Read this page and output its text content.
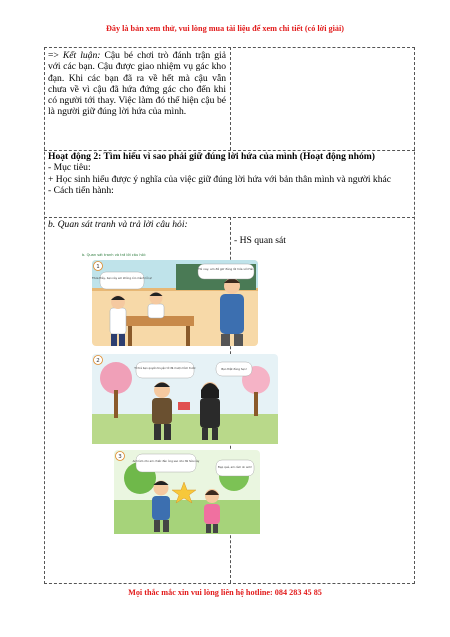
Đây là bản xem thử, vui lòng mua tài liệu để xem chi tiết (có lời giải)
=> Kết luận: Cậu bé chơi trò đánh trận giả với các bạn. Cậu được giao nhiệm vụ gác kho đạn. Khi các bạn đã ra về hết mà cậu vẫn chưa về vì cậu đã hứa đứng gác cho đến khi có người tới thay. Việc làm đó thể hiện cậu bé là người giữ đúng lời hứa của mình.
Hoạt động 2: Tìm hiểu vì sao phải giữ đúng lời hứa của mình (Hoạt động nhóm)
- Mục tiêu:
+ Học sinh hiểu được ý nghĩa của việc giữ đúng lời hứa với bản thân mình và người khác
- Cách tiến hành:
b. Quan sát tranh và trả lời câu hỏi:
- HS quan sát
b. Quan sát tranh và trả lời câu hỏi:
1	Tối nay, em để giữ đúng lời hứa với Hải.
Thưa thầy, bạn này em không còn mảnh lỗi ạ!
2
Tớ trả bạn quyển truyện tớ đã mượn hôm trước	Bạn thật đúng hẹn!
3
Anh làm cho em chiếc đèn ông sao như đã hứa này
Đẹp quá, em cảm ơn anh!
Mọi thắc mắc xin vui lòng liên hệ hotline: 084 283 45 85
